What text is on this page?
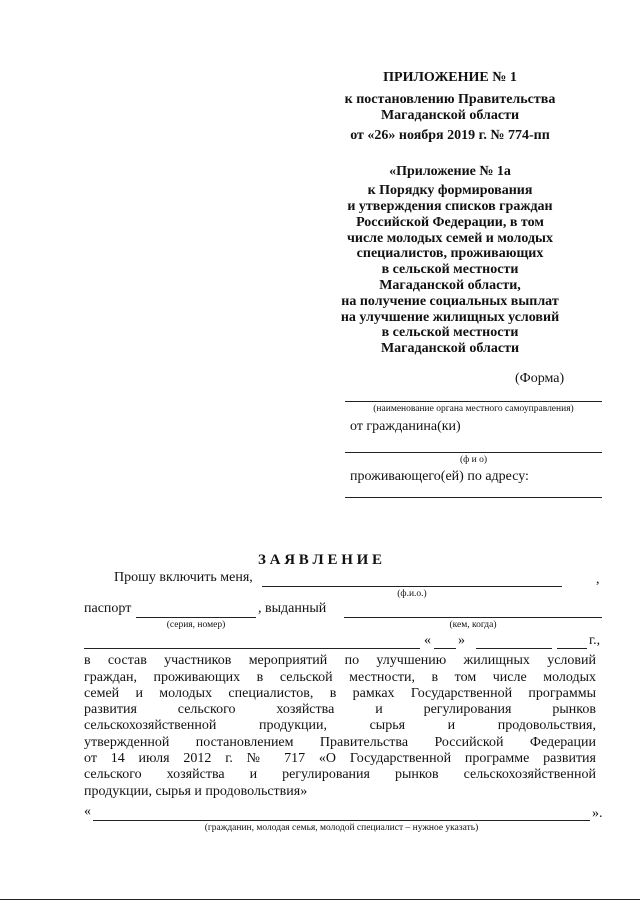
ПРИЛОЖЕНИЕ № 1
к постановлению Правительства
Магаданской области
от «26» ноября 2019 г. № 774-пп
«Приложение № 1а
к Порядку формирования
и утверждения списков граждан
Российской Федерации, в том
числе молодых семей и молодых
специалистов, проживающих
в сельской местности
Магаданской области,
на получение социальных выплат
на улучшение жилищных условий
в сельской местности
Магаданской области
(Форма)
(наименование органа местного самоуправления)
от гражданина(ки)
(ф и о)
проживающего(ей) по адресу:
З А Я В Л Е Н И Е
Прошу включить меня,	,
(ф.и.о.)
паспорт	, выданный
(серия, номер)	(кем, когда)
« »	г.,
в состав участников мероприятий по улучшению жилищных условий
граждан, проживающих в сельской местности, в том числе молодых
семей и молодых специалистов, в рамках Государственной программы
развития сельского хозяйства и регулирования рынков
сельскохозяйственной продукции, сырья и продовольствия,
утвержденной постановлением Правительства Российской Федерации
от 14 июля 2012 г. № 717 «О Государственной программе развития
сельского хозяйства и регулирования рынков сельскохозяйственной
продукции, сырья и продовольствия»
«	».
(гражданин, молодая семья, молодой специалист – нужное указать)
